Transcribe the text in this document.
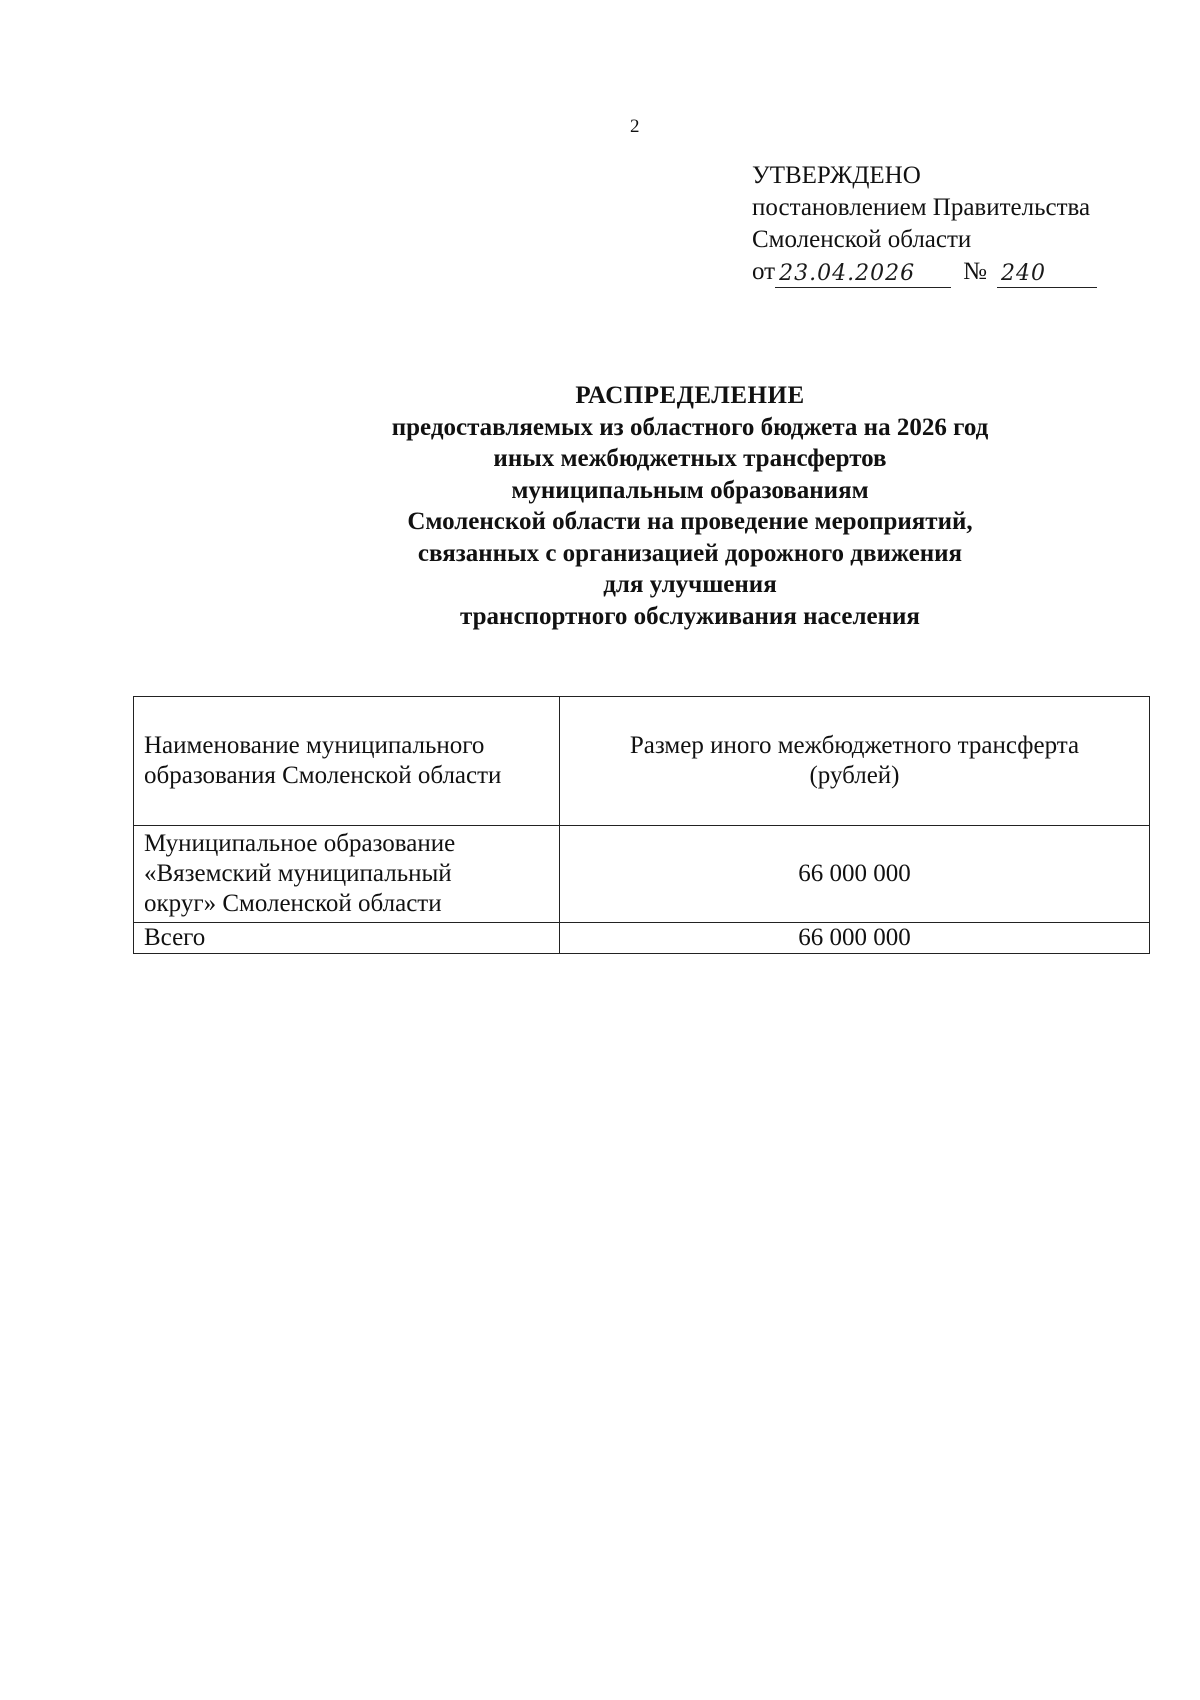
2
УТВЕРЖДЕНО
постановлением Правительства
Смоленской области
от 23.04.2026	№ 240
РАСПРЕДЕЛЕНИЕ
предоставляемых из областного бюджета на 2026 год
иных межбюджетных трансфертов
муниципальным образованиям
Смоленской области на проведение мероприятий,
связанных с организацией дорожного движения
для улучшения
транспортного обслуживания населения
Наименование муниципального
образования Смоленской области	Размер иного межбюджетного трансферта
(рублей)

Муниципальное образование
«Вяземский муниципальный
округ» Смоленской области	66 000 000
Всего	66 000 000
